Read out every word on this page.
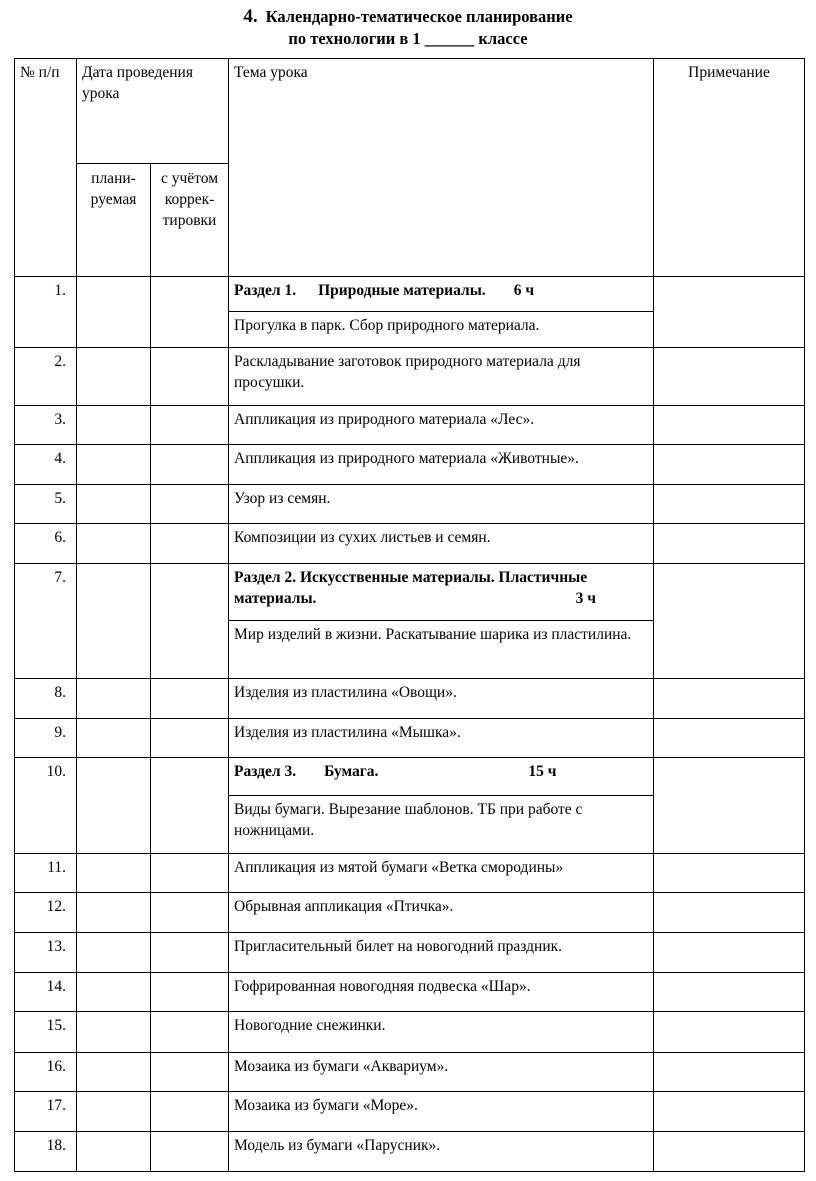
4. Календарно-тематическое планирование
по технологии в 1 ______ классе
№ п/п	Дата проведения урока		Тема урока	Примечание
	плани-руемая	с учётом коррек-тировки		
1.			Раздел 1. Природные материалы. 6 ч	
			Прогулка в парк. Сбор природного материала.	
2.			Раскладывание заготовок природного материала для просушки.	
3.			Аппликация из природного материала «Лес».	
4.			Аппликация из природного материала «Животные».	
5.			Узор из семян.	
6.			Композиции из сухих листьев и семян.	
7.			Раздел 2. Искусственные материалы. Пластичные материалы. 3 ч	

			Мир изделий в жизни. Раскатывание шарика из пластилина.	
8.			Изделия из пластилина «Овощи».	
9.			Изделия из пластилина «Мышка».	
10.			Раздел 3. Бумага. 15 ч	
			Виды бумаги. Вырезание шаблонов. ТБ при работе с ножницами.	
11.			Аппликация из мятой бумаги «Ветка смородины»	
12.			Обрывная аппликация «Птичка».	
13.			Пригласительный билет на новогодний праздник.	
14.			Гофрированная новогодняя подвеска «Шар».	
15.			Новогодние снежинки.	
16.			Мозаика из бумаги «Аквариум».	
17.			Мозаика из бумаги «Море».	
18.			Модель из бумаги «Парусник».	
